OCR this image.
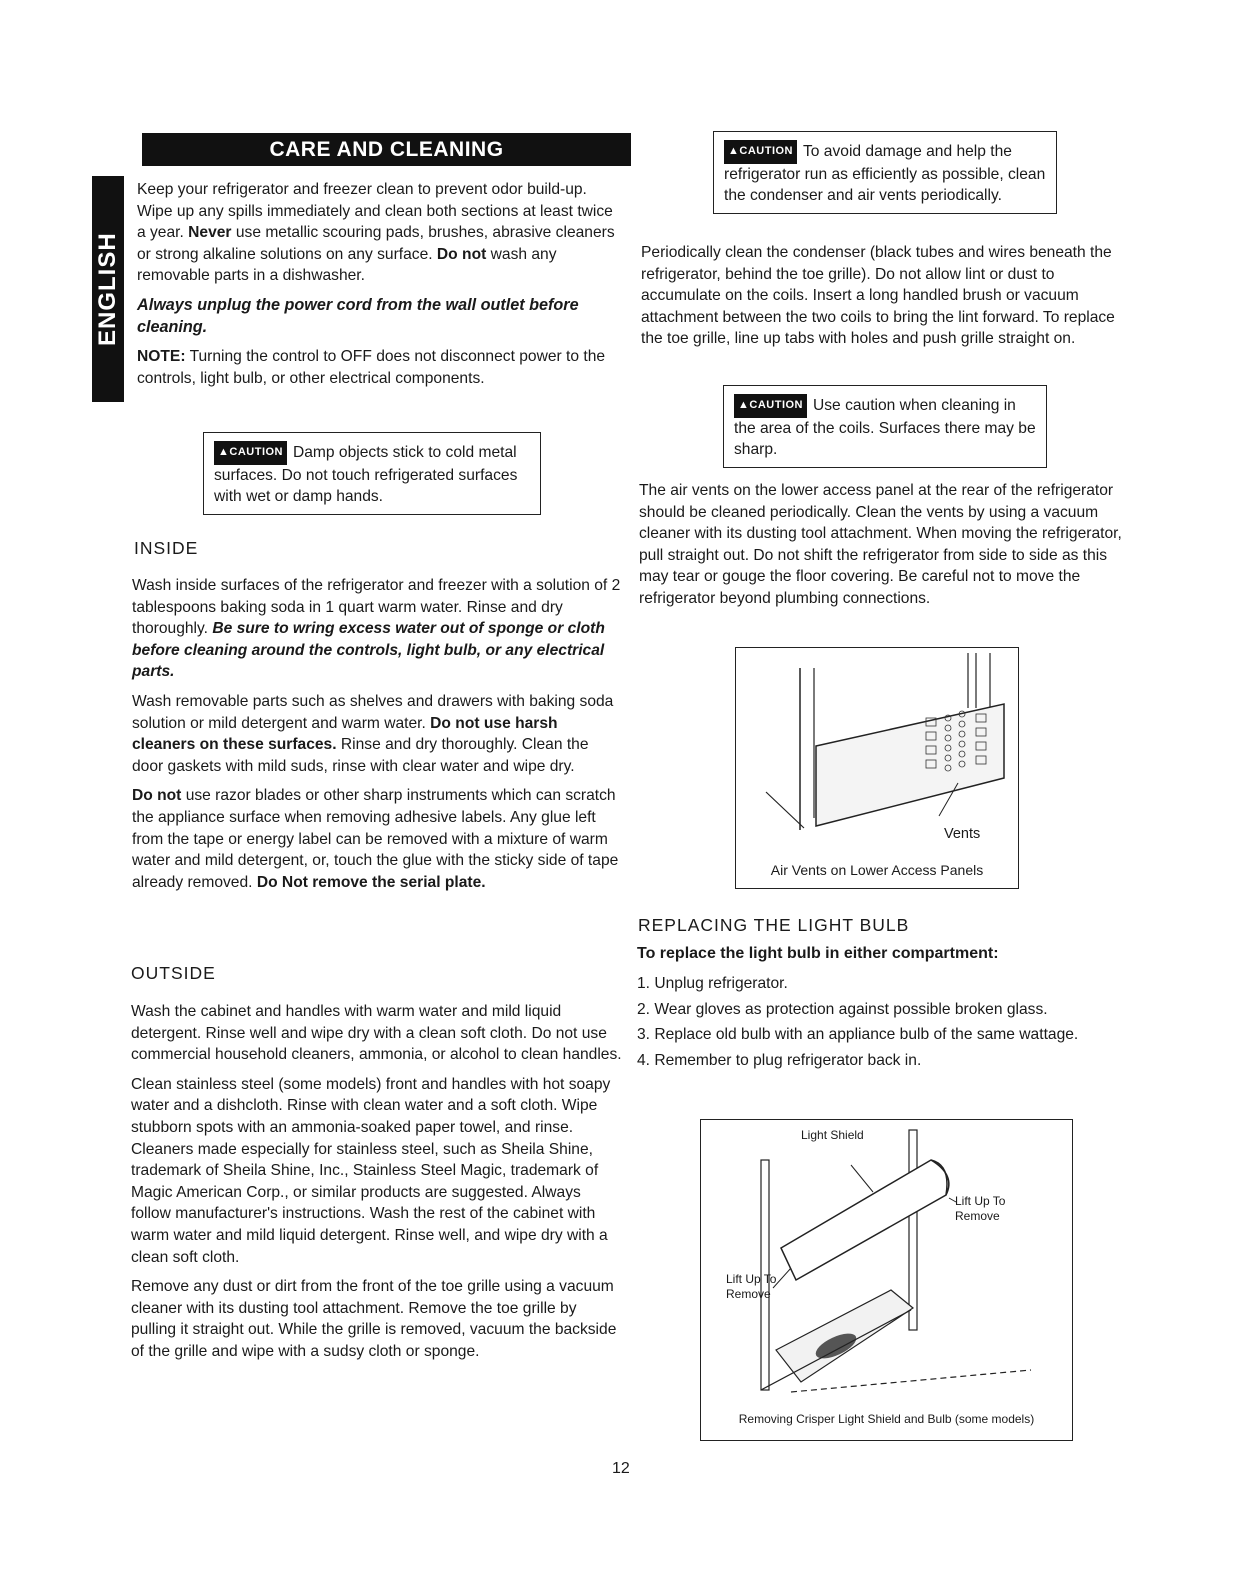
CARE AND CLEANING
ENGLISH

Keep your refrigerator and freezer clean to prevent odor build-up. Wipe up any spills immediately and clean both sections at least twice a year. Never use metallic scouring pads, brushes, abrasive cleaners or strong alkaline solutions on any surface. Do not wash any removable parts in a dishwasher.

Always unplug the power cord from the wall outlet before cleaning.

NOTE: Turning the control to OFF does not disconnect power to the controls, light bulb, or other electrical components.

▲CAUTION Damp objects stick to cold metal surfaces. Do not touch refrigerated surfaces with wet or damp hands.
INSIDE

Wash inside surfaces of the refrigerator and freezer with a solution of 2 tablespoons baking soda in 1 quart warm water. Rinse and dry thoroughly. Be sure to wring excess water out of sponge or cloth before cleaning around the controls, light bulb, or any electrical parts.

Wash removable parts such as shelves and drawers with baking soda solution or mild detergent and warm water. Do not use harsh cleaners on these surfaces. Rinse and dry thoroughly. Clean the door gaskets with mild suds, rinse with clear water and wipe dry.

Do not use razor blades or other sharp instruments which can scratch the appliance surface when removing adhesive labels. Any glue left from the tape or energy label can be removed with a mixture of warm water and mild detergent, or, touch the glue with the sticky side of tape already removed. Do Not remove the serial plate.

OUTSIDE

Wash the cabinet and handles with warm water and mild liquid detergent. Rinse well and wipe dry with a clean soft cloth. Do not use commercial household cleaners, ammonia, or alcohol to clean handles.

Clean stainless steel (some models) front and handles with hot soapy water and a dishcloth. Rinse with clean water and a soft cloth. Wipe stubborn spots with an ammonia-soaked paper towel, and rinse. Cleaners made especially for stainless steel, such as Sheila Shine, trademark of Sheila Shine, Inc., Stainless Steel Magic, trademark of Magic American Corp., or similar products are suggested. Always follow manufacturer's instructions. Wash the rest of the cabinet with warm water and mild liquid detergent. Rinse well, and wipe dry with a clean soft cloth.

Remove any dust or dirt from the front of the toe grille using a vacuum cleaner with its dusting tool attachment. Remove the toe grille by pulling it straight out. While the grille is removed, vacuum the backside of the grille and wipe with a sudsy cloth or sponge.

▲CAUTION To avoid damage and help the refrigerator run as efficiently as possible, clean the condenser and air vents periodically.
Periodically clean the condenser (black tubes and wires beneath the refrigerator, behind the toe grille). Do not allow lint or dust to accumulate on the coils. Insert a long handled brush or vacuum attachment between the two coils to bring the lint forward. To replace the toe grille, line up tabs with holes and push grille straight on.
▲CAUTION Use caution when cleaning in the area of the coils. Surfaces there may be sharp.
The air vents on the lower access panel at the rear of the refrigerator should be cleaned periodically. Clean the vents by using a vacuum cleaner with its dusting tool attachment. When moving the refrigerator, pull straight out. Do not shift the refrigerator from side to side as this may tear or gouge the floor covering. Be careful not to move the refrigerator beyond plumbing connections.
Vents
Air Vents on Lower Access Panels
REPLACING THE LIGHT BULB
To replace the light bulb in either compartment:
1. Unplug refrigerator.
2. Wear gloves as protection against possible broken glass.
3. Replace old bulb with an appliance bulb of the same wattage.
4. Remember to plug refrigerator back in.
Light Shield
Lift Up To Remove
Lift Up To Remove
Removing Crisper Light Shield and Bulb (some models)
12
